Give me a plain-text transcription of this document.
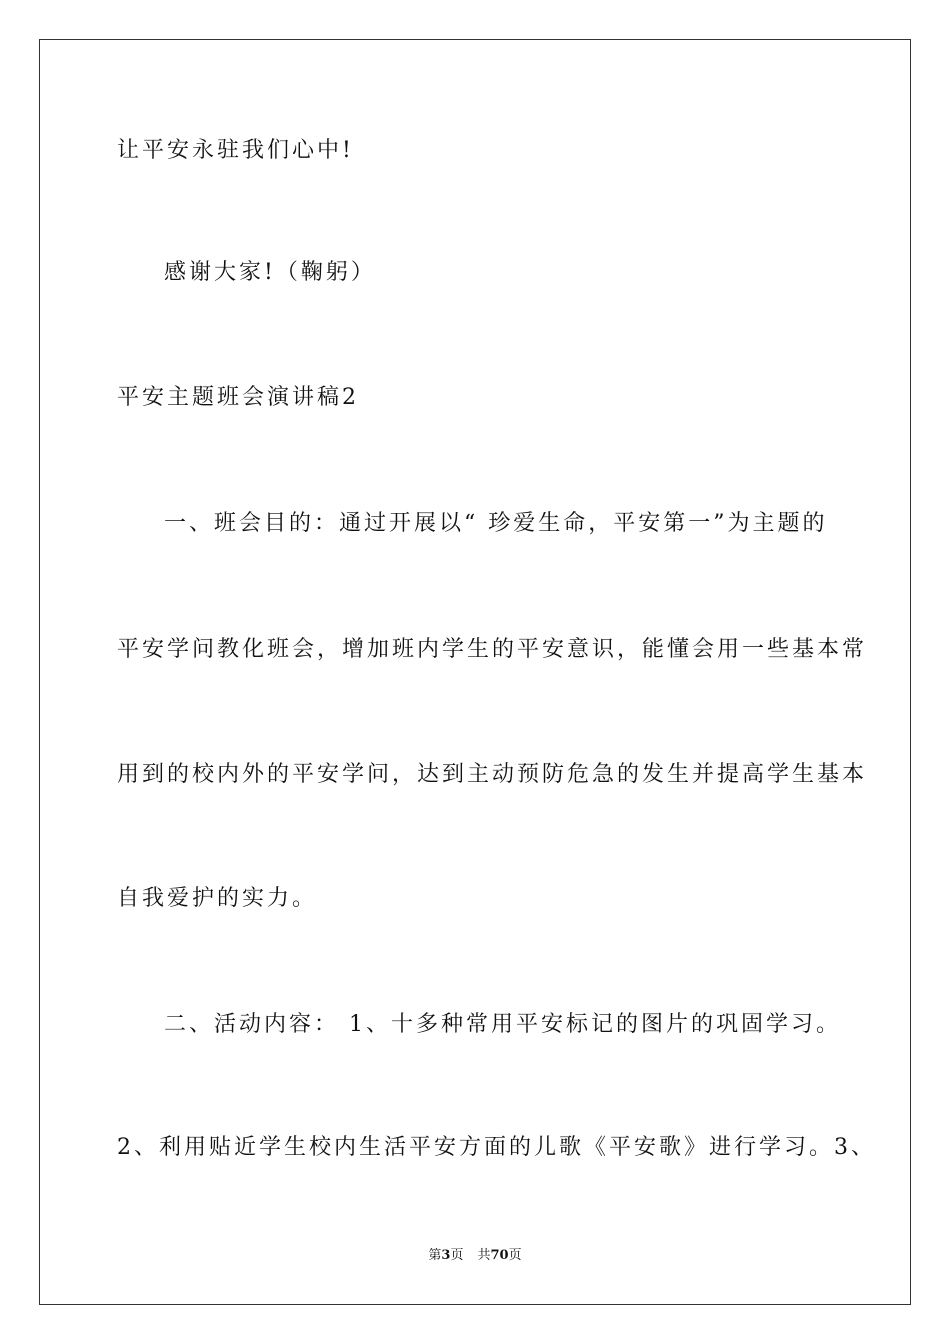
让平安永驻我们心中!
感谢大家!（鞠躬）
平安主题班会演讲稿2
一、班会目的：通过开展以“ 珍爱生命，平安第一”为主题的
平安学问教化班会，增加班内学生的平安意识，能懂会用一些基本常
用到的校内外的平安学问，达到主动预防危急的发生并提高学生基本
自我爱护的实力。
二、活动内容： 1、十多种常用平安标记的图片的巩固学习。
2、利用贴近学生校内生活平安方面的儿歌《平安歌》进行学习。3、
第3页 共70页
